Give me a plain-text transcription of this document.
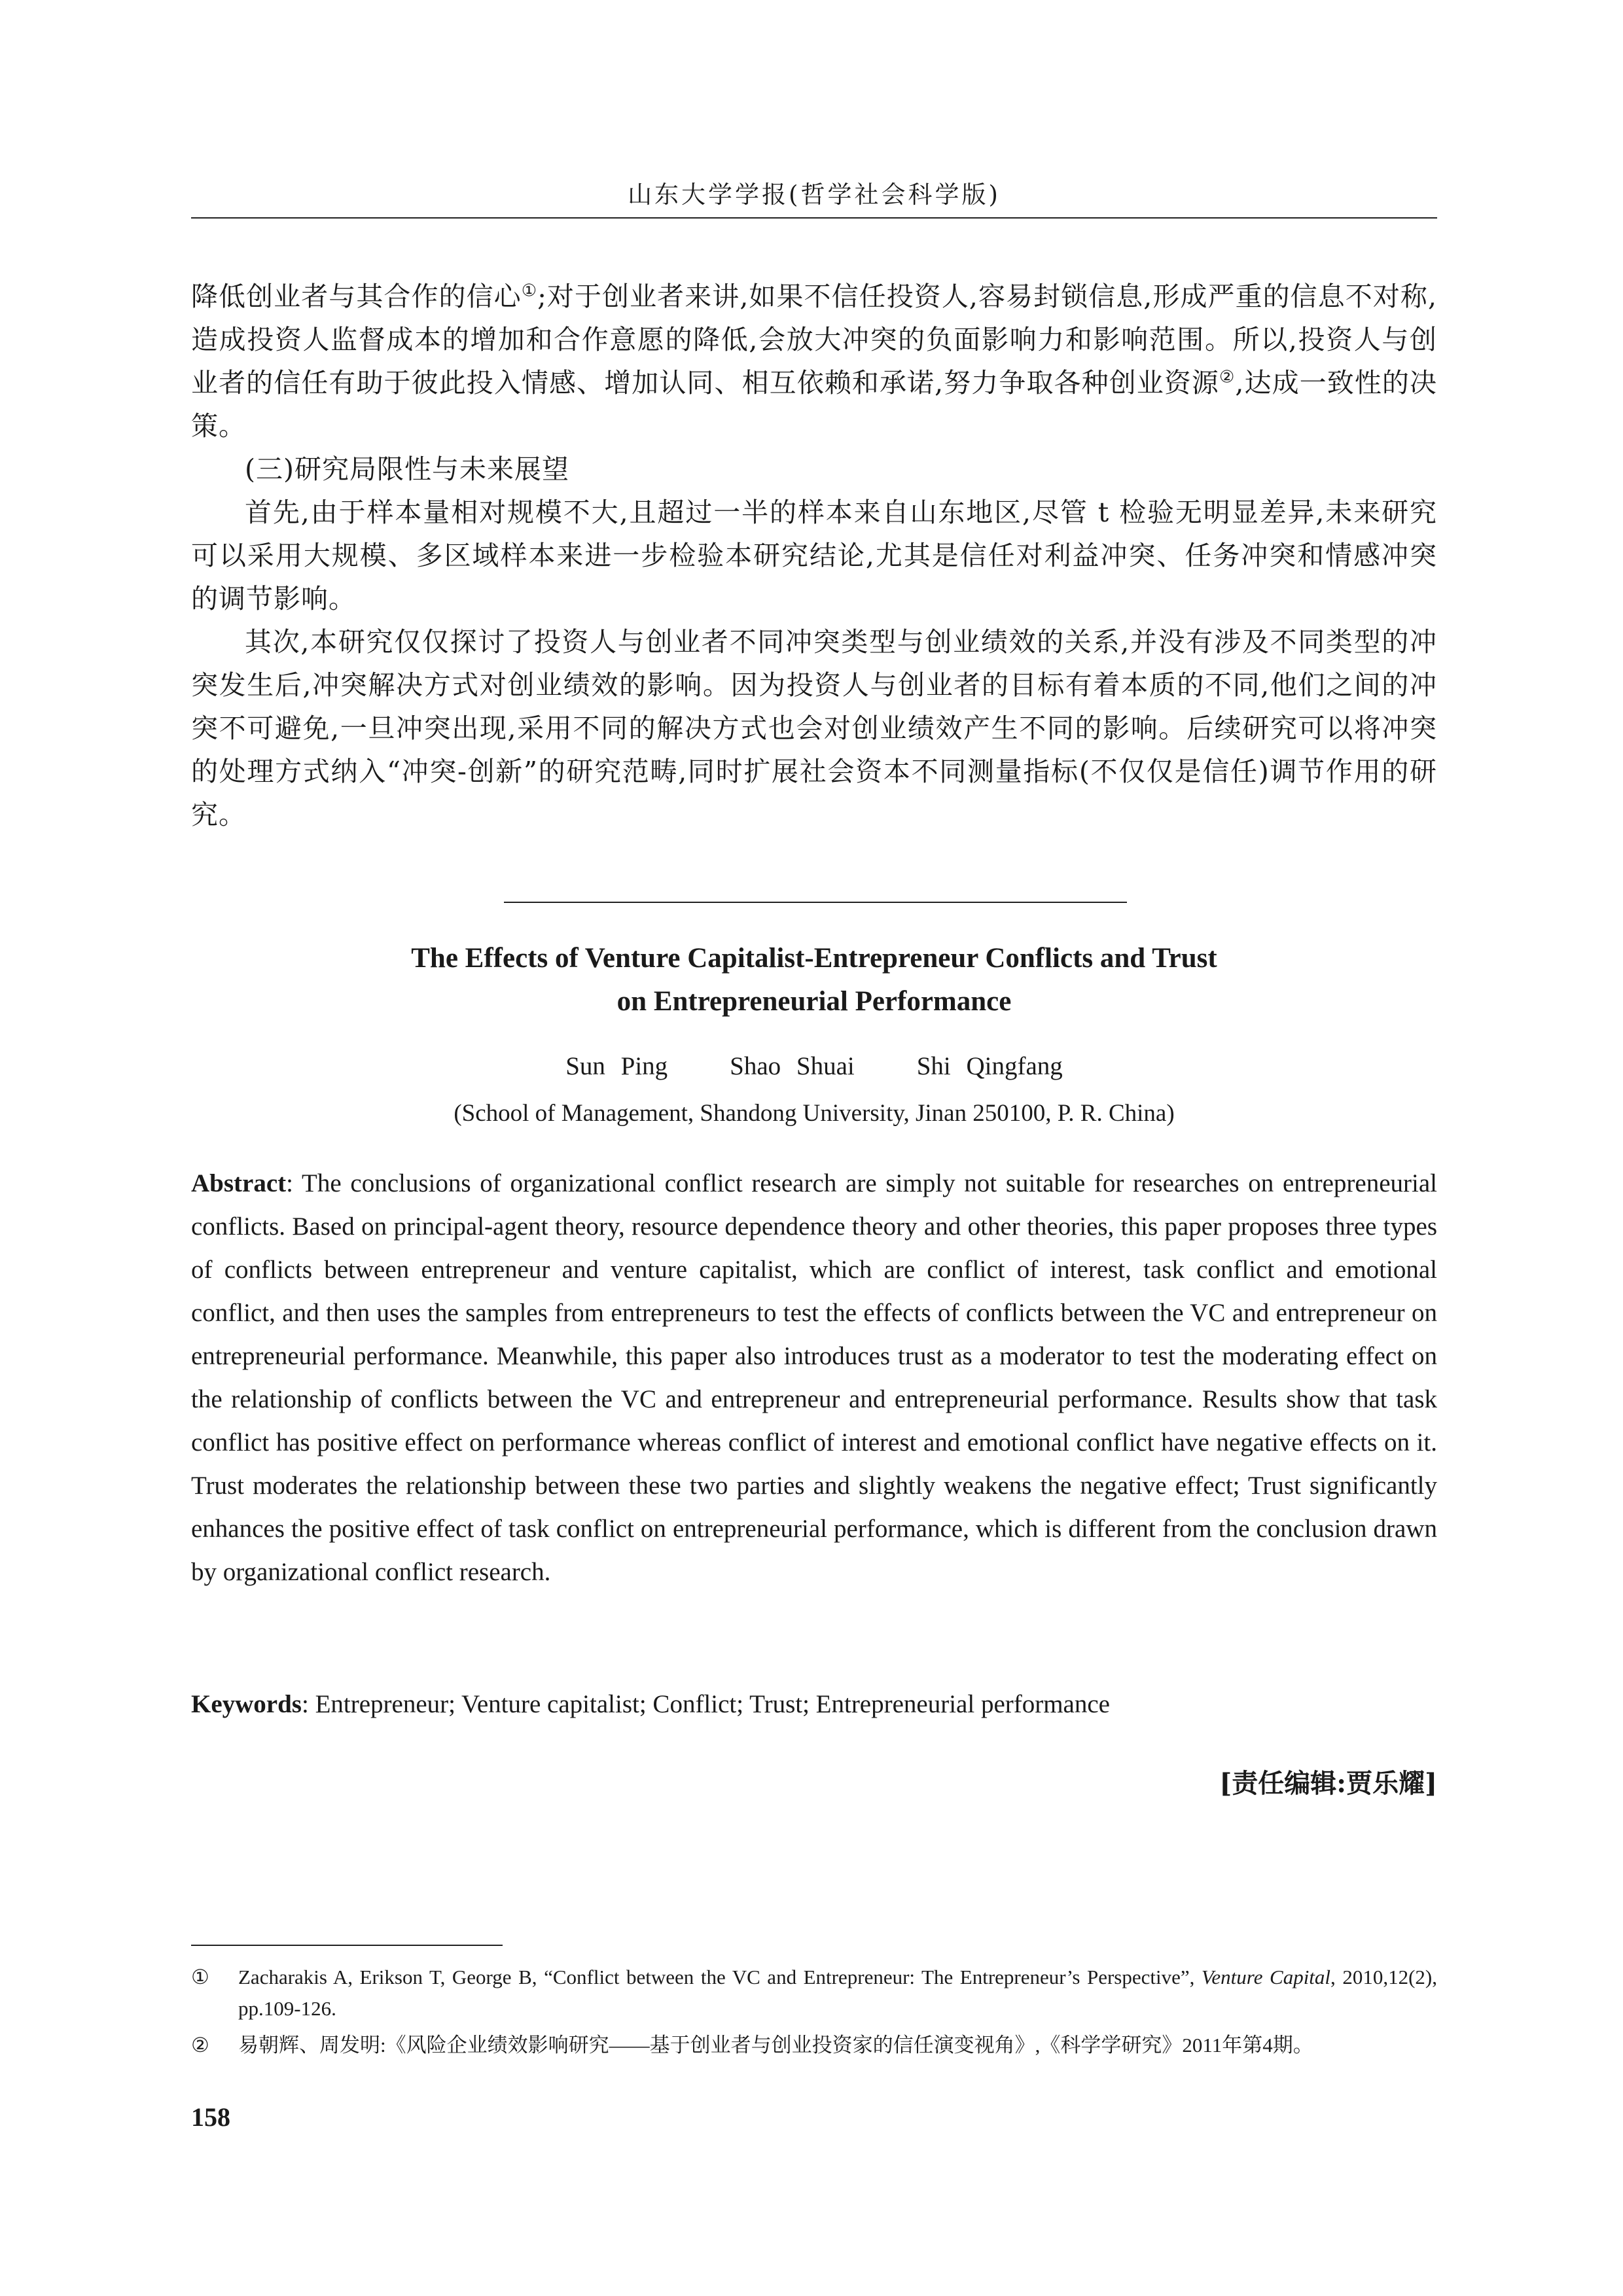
山东大学学报(哲学社会科学版)
降低创业者与其合作的信心①;对于创业者来讲,如果不信任投资人,容易封锁信息,形成严重的信息不对称,造成投资人监督成本的增加和合作意愿的降低,会放大冲突的负面影响力和影响范围。所以,投资人与创业者的信任有助于彼此投入情感、增加认同、相互依赖和承诺,努力争取各种创业资源②,达成一致性的决策。
(三)研究局限性与未来展望
首先,由于样本量相对规模不大,且超过一半的样本来自山东地区,尽管 t 检验无明显差异,未来研究可以采用大规模、多区域样本来进一步检验本研究结论,尤其是信任对利益冲突、任务冲突和情感冲突的调节影响。
其次,本研究仅仅探讨了投资人与创业者不同冲突类型与创业绩效的关系,并没有涉及不同类型的冲突发生后,冲突解决方式对创业绩效的影响。因为投资人与创业者的目标有着本质的不同,他们之间的冲突不可避免,一旦冲突出现,采用不同的解决方式也会对创业绩效产生不同的影响。后续研究可以将冲突的处理方式纳入“冲突-创新”的研究范畴,同时扩展社会资本不同测量指标(不仅仅是信任)调节作用的研究。
The Effects of Venture Capitalist-Entrepreneur Conflicts and Trust
on Entrepreneurial Performance
Sun Ping    Shao Shuai    Shi Qingfang
(School of Management, Shandong University, Jinan 250100, P. R. China)
Abstract: The conclusions of organizational conflict research are simply not suitable for researches on entrepreneurial conflicts. Based on principal-agent theory, resource dependence theory and other theories, this paper proposes three types of conflicts between entrepreneur and venture capitalist, which are conflict of interest, task conflict and emotional conflict, and then uses the samples from entrepreneurs to test the effects of conflicts between the VC and entrepreneur on entrepreneurial performance. Meanwhile, this paper also introduces trust as a moderator to test the moderating effect on the relationship of conflicts between the VC and entrepreneur and entrepreneurial performance. Results show that task conflict has positive effect on performance whereas conflict of interest and emotional conflict have negative effects on it. Trust moderates the relationship between these two parties and slightly weakens the negative effect; Trust significantly enhances the positive effect of task conflict on entrepreneurial performance, which is different from the conclusion drawn by organizational conflict research.
Keywords: Entrepreneur; Venture capitalist; Conflict; Trust; Entrepreneurial performance
[责任编辑:贾乐耀]
①	Zacharakis A, Erikson T, George B, “Conflict between the VC and Entrepreneur: The Entrepreneur’s Perspective”, Venture Capital, 2010,12(2), pp.109-126.
②	易朝辉、周发明:《风险企业绩效影响研究——基于创业者与创业投资家的信任演变视角》,《科学学研究》2011年第4期。
158
